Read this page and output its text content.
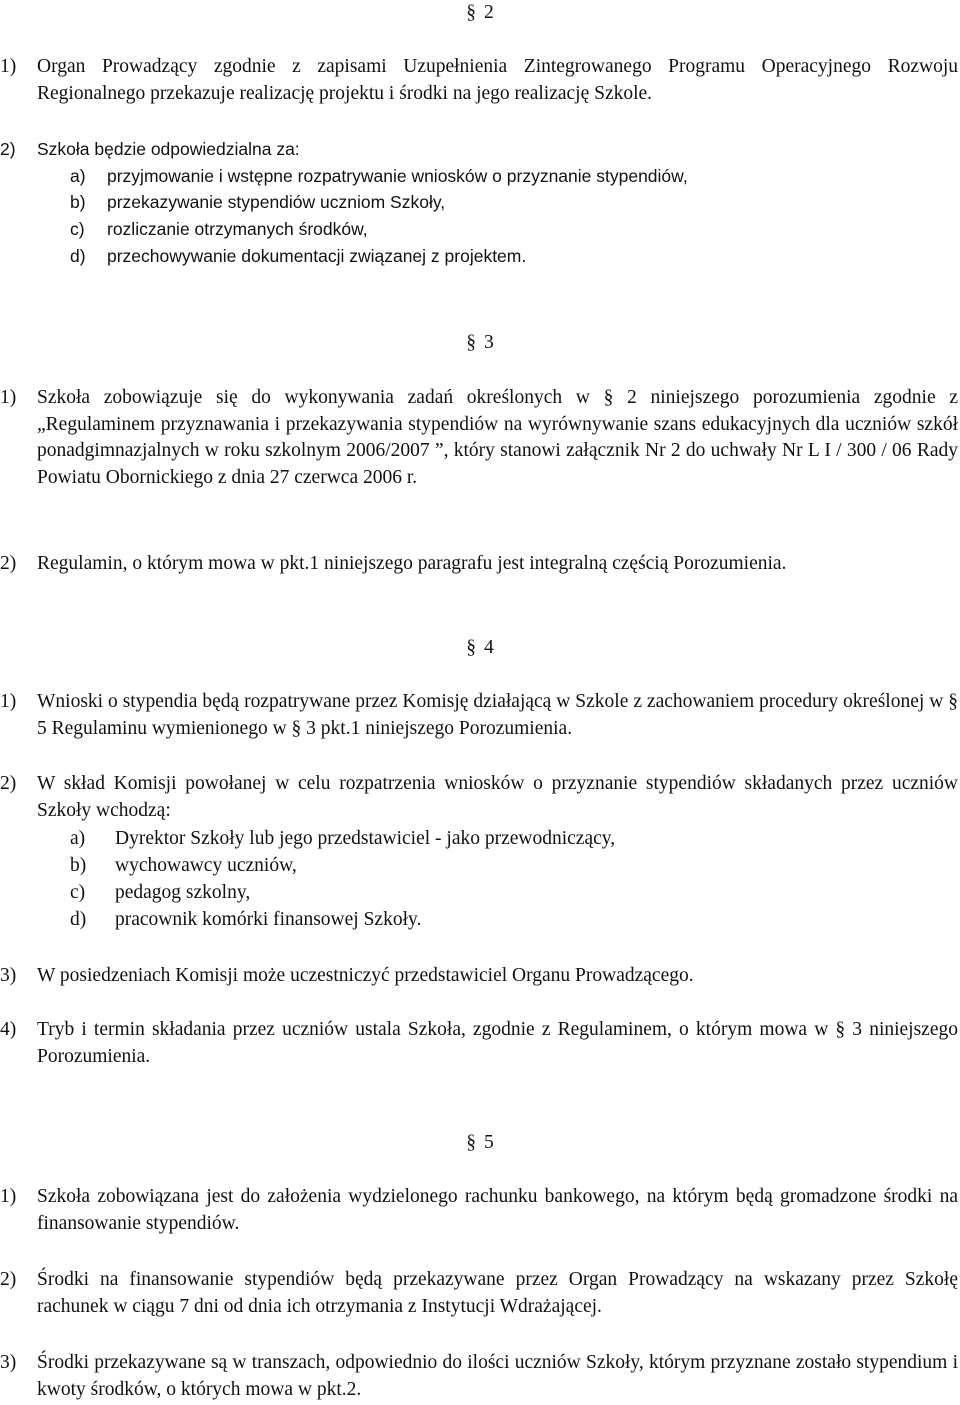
§ 2
1) Organ Prowadzący zgodnie z zapisami Uzupełnienia Zintegrowanego Programu Operacyjnego Rozwoju Regionalnego przekazuje realizację projektu i środki na jego realizację Szkole.
2) Szkoła będzie odpowiedzialna za:
a) przyjmowanie i wstępne rozpatrywanie wniosków o przyznanie stypendiów,
b) przekazywanie stypendiów uczniom Szkoły,
c) rozliczanie otrzymanych środków,
d) przechowywanie dokumentacji związanej z projektem.
§ 3
1) Szkoła zobowiązuje się do wykonywania zadań określonych w § 2 niniejszego porozumienia zgodnie z „Regulaminem przyznawania i przekazywania stypendiów na wyrównywanie szans edukacyjnych dla uczniów szkół ponadgimnazjalnych w roku szkolnym 2006/2007 ”, który stanowi załącznik Nr 2 do uchwały Nr L I / 300 / 06 Rady Powiatu Obornickiego z dnia 27 czerwca 2006 r.
2) Regulamin, o którym mowa w pkt.1 niniejszego paragrafu jest integralną częścią Porozumienia.
§ 4
1) Wnioski o stypendia będą rozpatrywane przez Komisję działającą w Szkole z zachowaniem procedury określonej w § 5 Regulaminu wymienionego w § 3 pkt.1 niniejszego Porozumienia.
2) W skład Komisji powołanej w celu rozpatrzenia wniosków o przyznanie stypendiów składanych przez uczniów Szkoły wchodzą:
a) Dyrektor Szkoły lub jego przedstawiciel - jako przewodniczący,
b) wychowawcy uczniów,
c) pedagog szkolny,
d) pracownik komórki finansowej Szkoły.
3) W posiedzeniach Komisji może uczestniczyć przedstawiciel Organu Prowadzącego.
4) Tryb i termin składania przez uczniów ustala Szkoła, zgodnie z Regulaminem, o którym mowa w § 3 niniejszego Porozumienia.
§ 5
1) Szkoła zobowiązana jest do założenia wydzielonego rachunku bankowego, na którym będą gromadzone środki na finansowanie stypendiów.
2) Środki na finansowanie stypendiów będą przekazywane przez Organ Prowadzący na wskazany przez Szkołę rachunek w ciągu 7 dni od dnia ich otrzymania z Instytucji Wdrażającej.
3) Środki przekazywane są w transzach, odpowiednio do ilości uczniów Szkoły, którym przyznane zostało stypendium i kwoty środków, o których mowa w pkt.2.
